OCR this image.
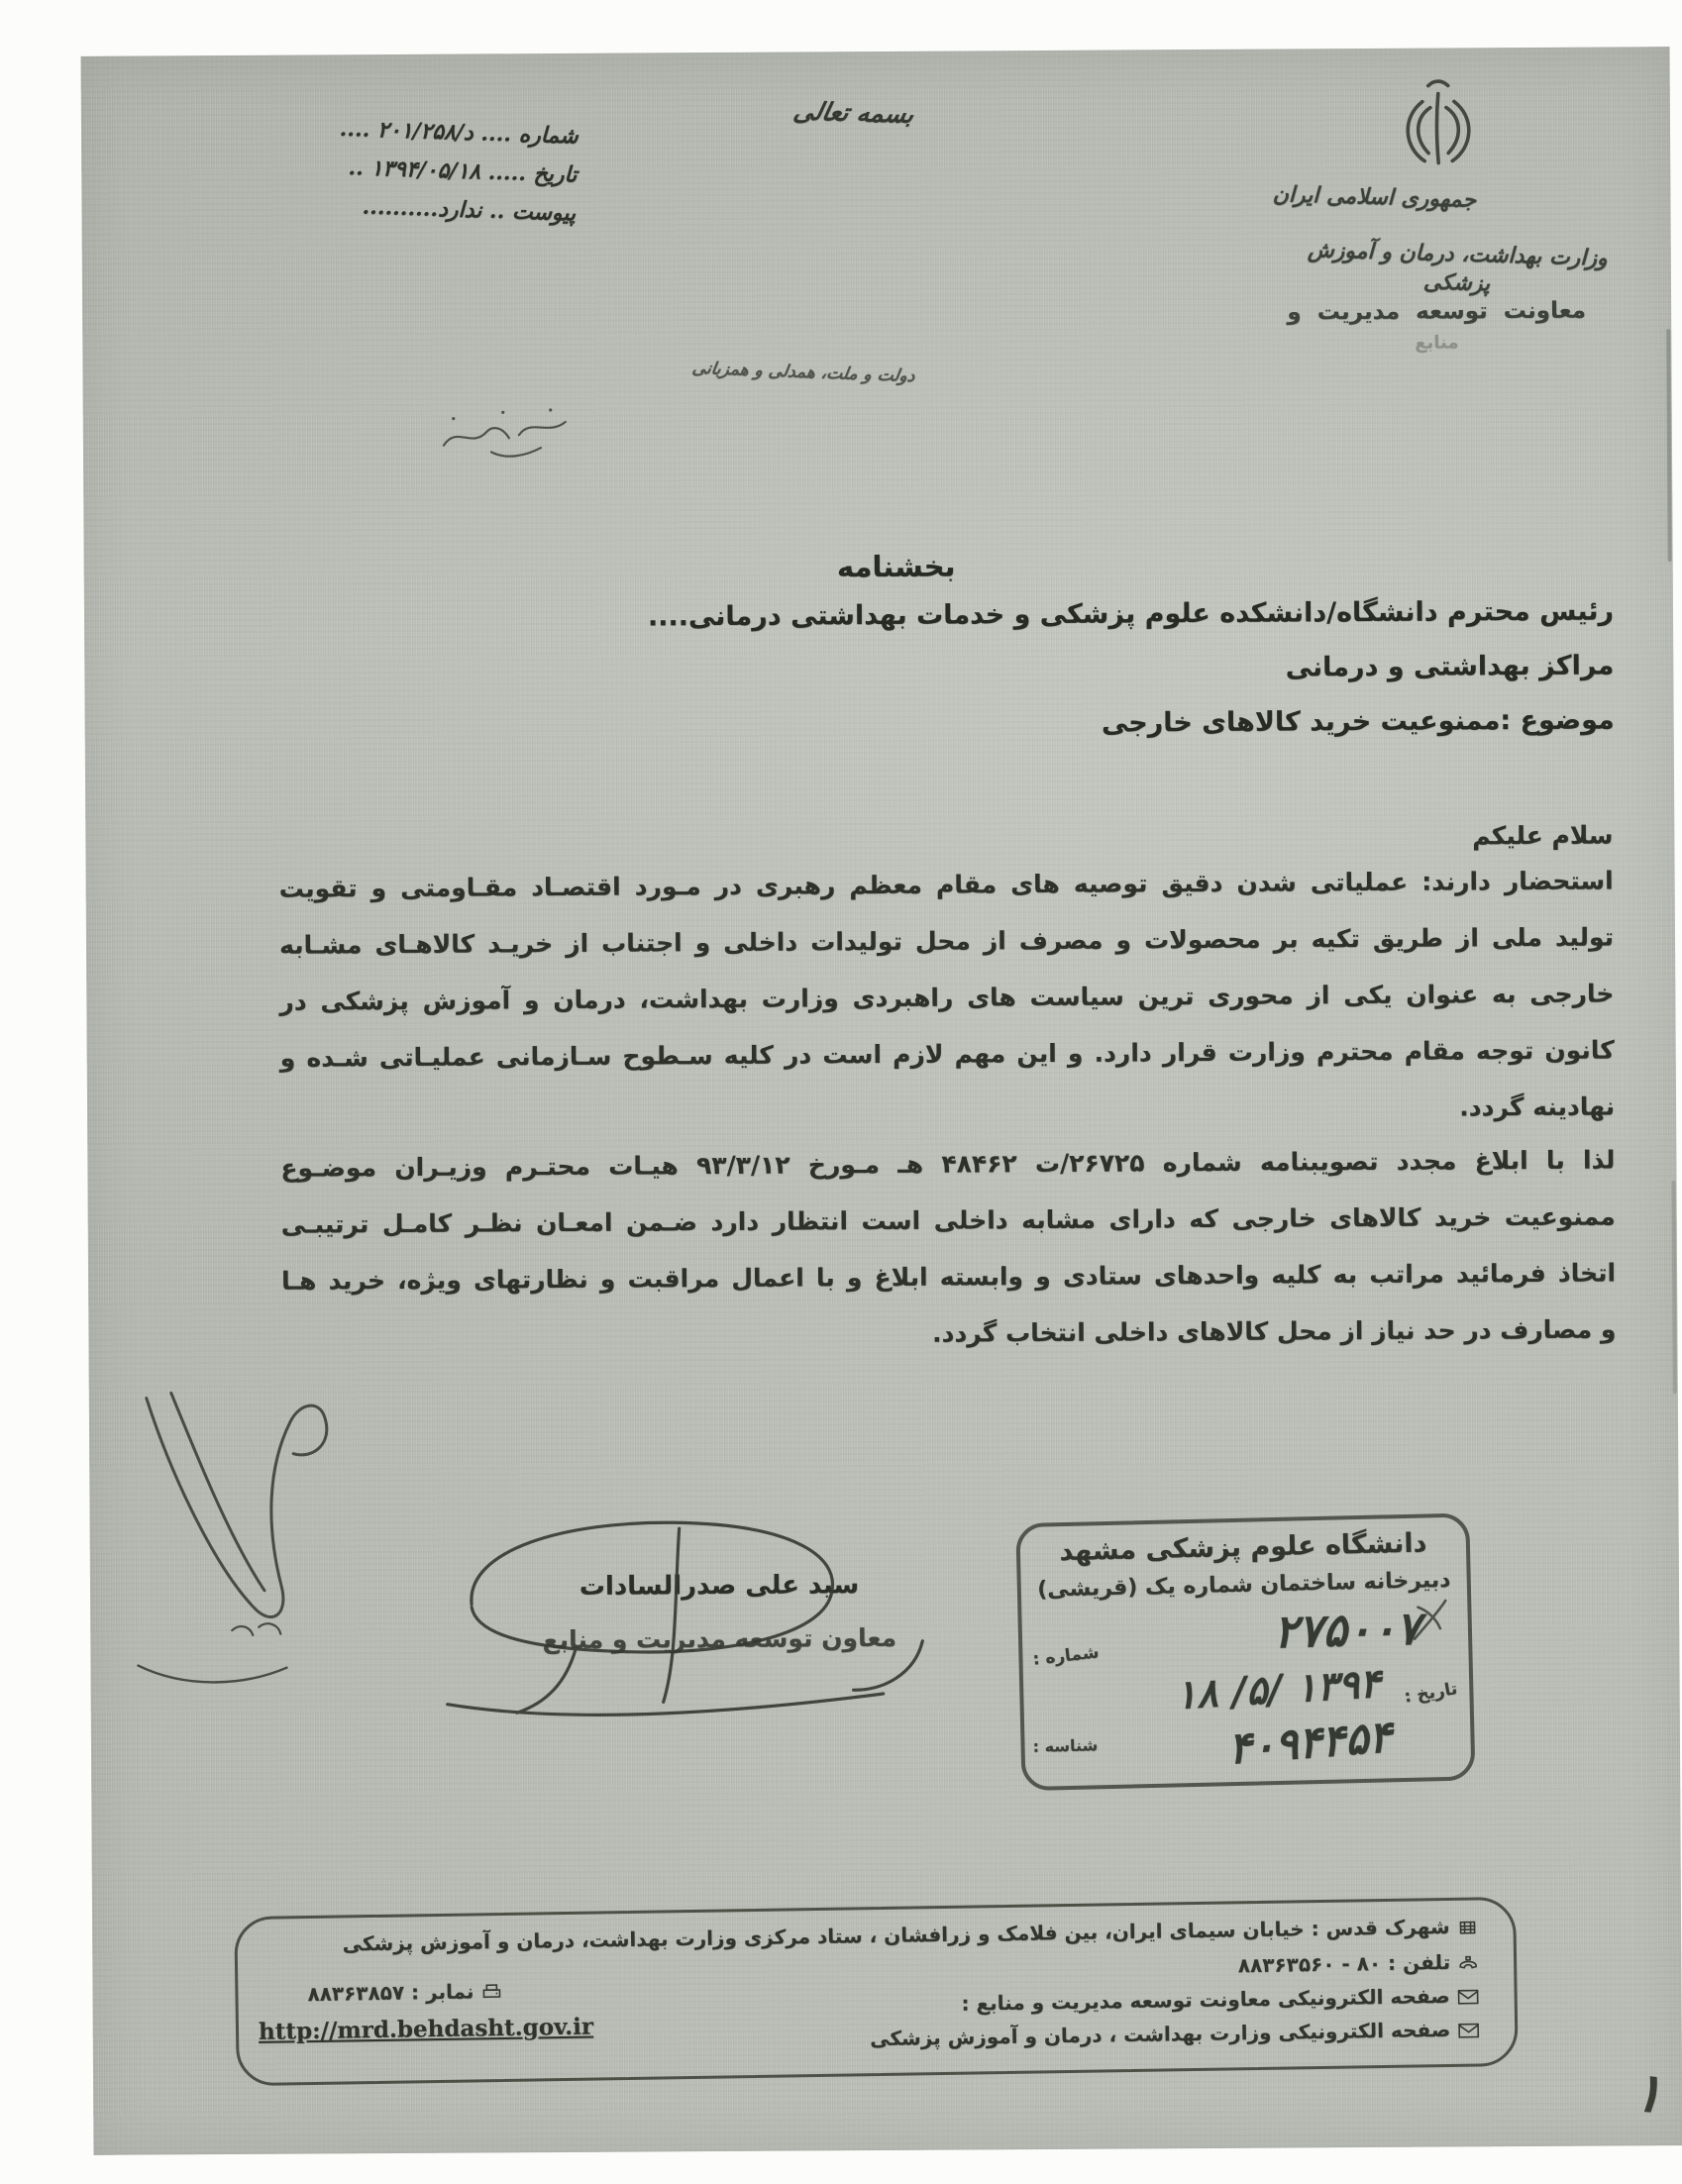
شماره .... د/۲۰۱/۲۵۸ ....
تاریخ ..... ۱۳۹۴/۰۵/۱۸ ..
پیوست .. ندارد..........
بسمه تعالی
جمهوری اسلامی ایران
وزارت بهداشت، درمان و آموزش پزشکی
معاونت توسعه مدیریت و
منابع
دولت و ملت، همدلی و همزبانی
بخشنامه
رئیس محترم دانشگاه/دانشکده علوم پزشکی و خدمات بهداشتی درمانی....
مراکز بهداشتی و درمانی
موضوع :ممنوعیت خرید کالاهای خارجی
سلام علیکم
استحضار دارند: عملیاتی شدن دقیق توصیه های مقام معظم رهبری در مـورد اقتصـاد مقـاومتی و تقویت
تولید ملی از طریق تکیه بر محصولات و مصرف از محل تولیدات داخلی و اجتناب از خریـد کالاهـای مشـابه
خارجی به عنوان یکی از محوری ترین سیاست های راهبردی وزارت بهداشت، درمان و آموزش پزشکی در
کانون توجه مقام محترم وزارت قرار دارد. و این مهم لازم است در کلیه سـطوح سـازمانی عملیـاتی شـده و
نهادینه گردد.
لذا با ابلاغ مجدد تصویبنامه شماره ۲۶۷۲۵/ت ۴۸۴۶۲ هـ مـورخ ۹۳/۳/۱۲ هیـات محتـرم وزیـران موضـوع
ممنوعیت خرید کالاهای خارجی که دارای مشابه داخلی است انتظار دارد ضـمن امعـان نظـر کامـل ترتیبـی
اتخاذ فرمائید مراتب به کلیه واحدهای ستادی و وابسته ابلاغ و با اعمال مراقبت و نظارتهای ویژه، خرید هـا
و مصارف در حد نیاز از محل کالاهای داخلی انتخاب گردد.
سید علی صدرالسادات
معاون توسعه مدیریت و منابع
دانشگاه علوم پزشکی مشهد
دبیرخانه ساختمان شماره یک (قریشی)
۲۷۵۰۰۷
شماره :
۱۳۹۴ /۵/ ۱۸ تاریخ :
۴۰۹۴۴۵۴
شناسه :
شهرک قدس : خیابان سیمای ایران، بین فلامک و زرافشان ، ستاد مرکزی وزارت بهداشت، درمان و آموزش پزشکی
تلفن : ۸۰ - ۸۸۳۶۳۵۶۰
صفحه الکترونیکی معاونت توسعه مدیریت و منابع :
صفحه الکترونیکی وزارت بهداشت ، درمان و آموزش پزشکی
نمابر : ۸۸۳۶۳۸۵۷
http://mrd.behdasht.gov.ir
۱
